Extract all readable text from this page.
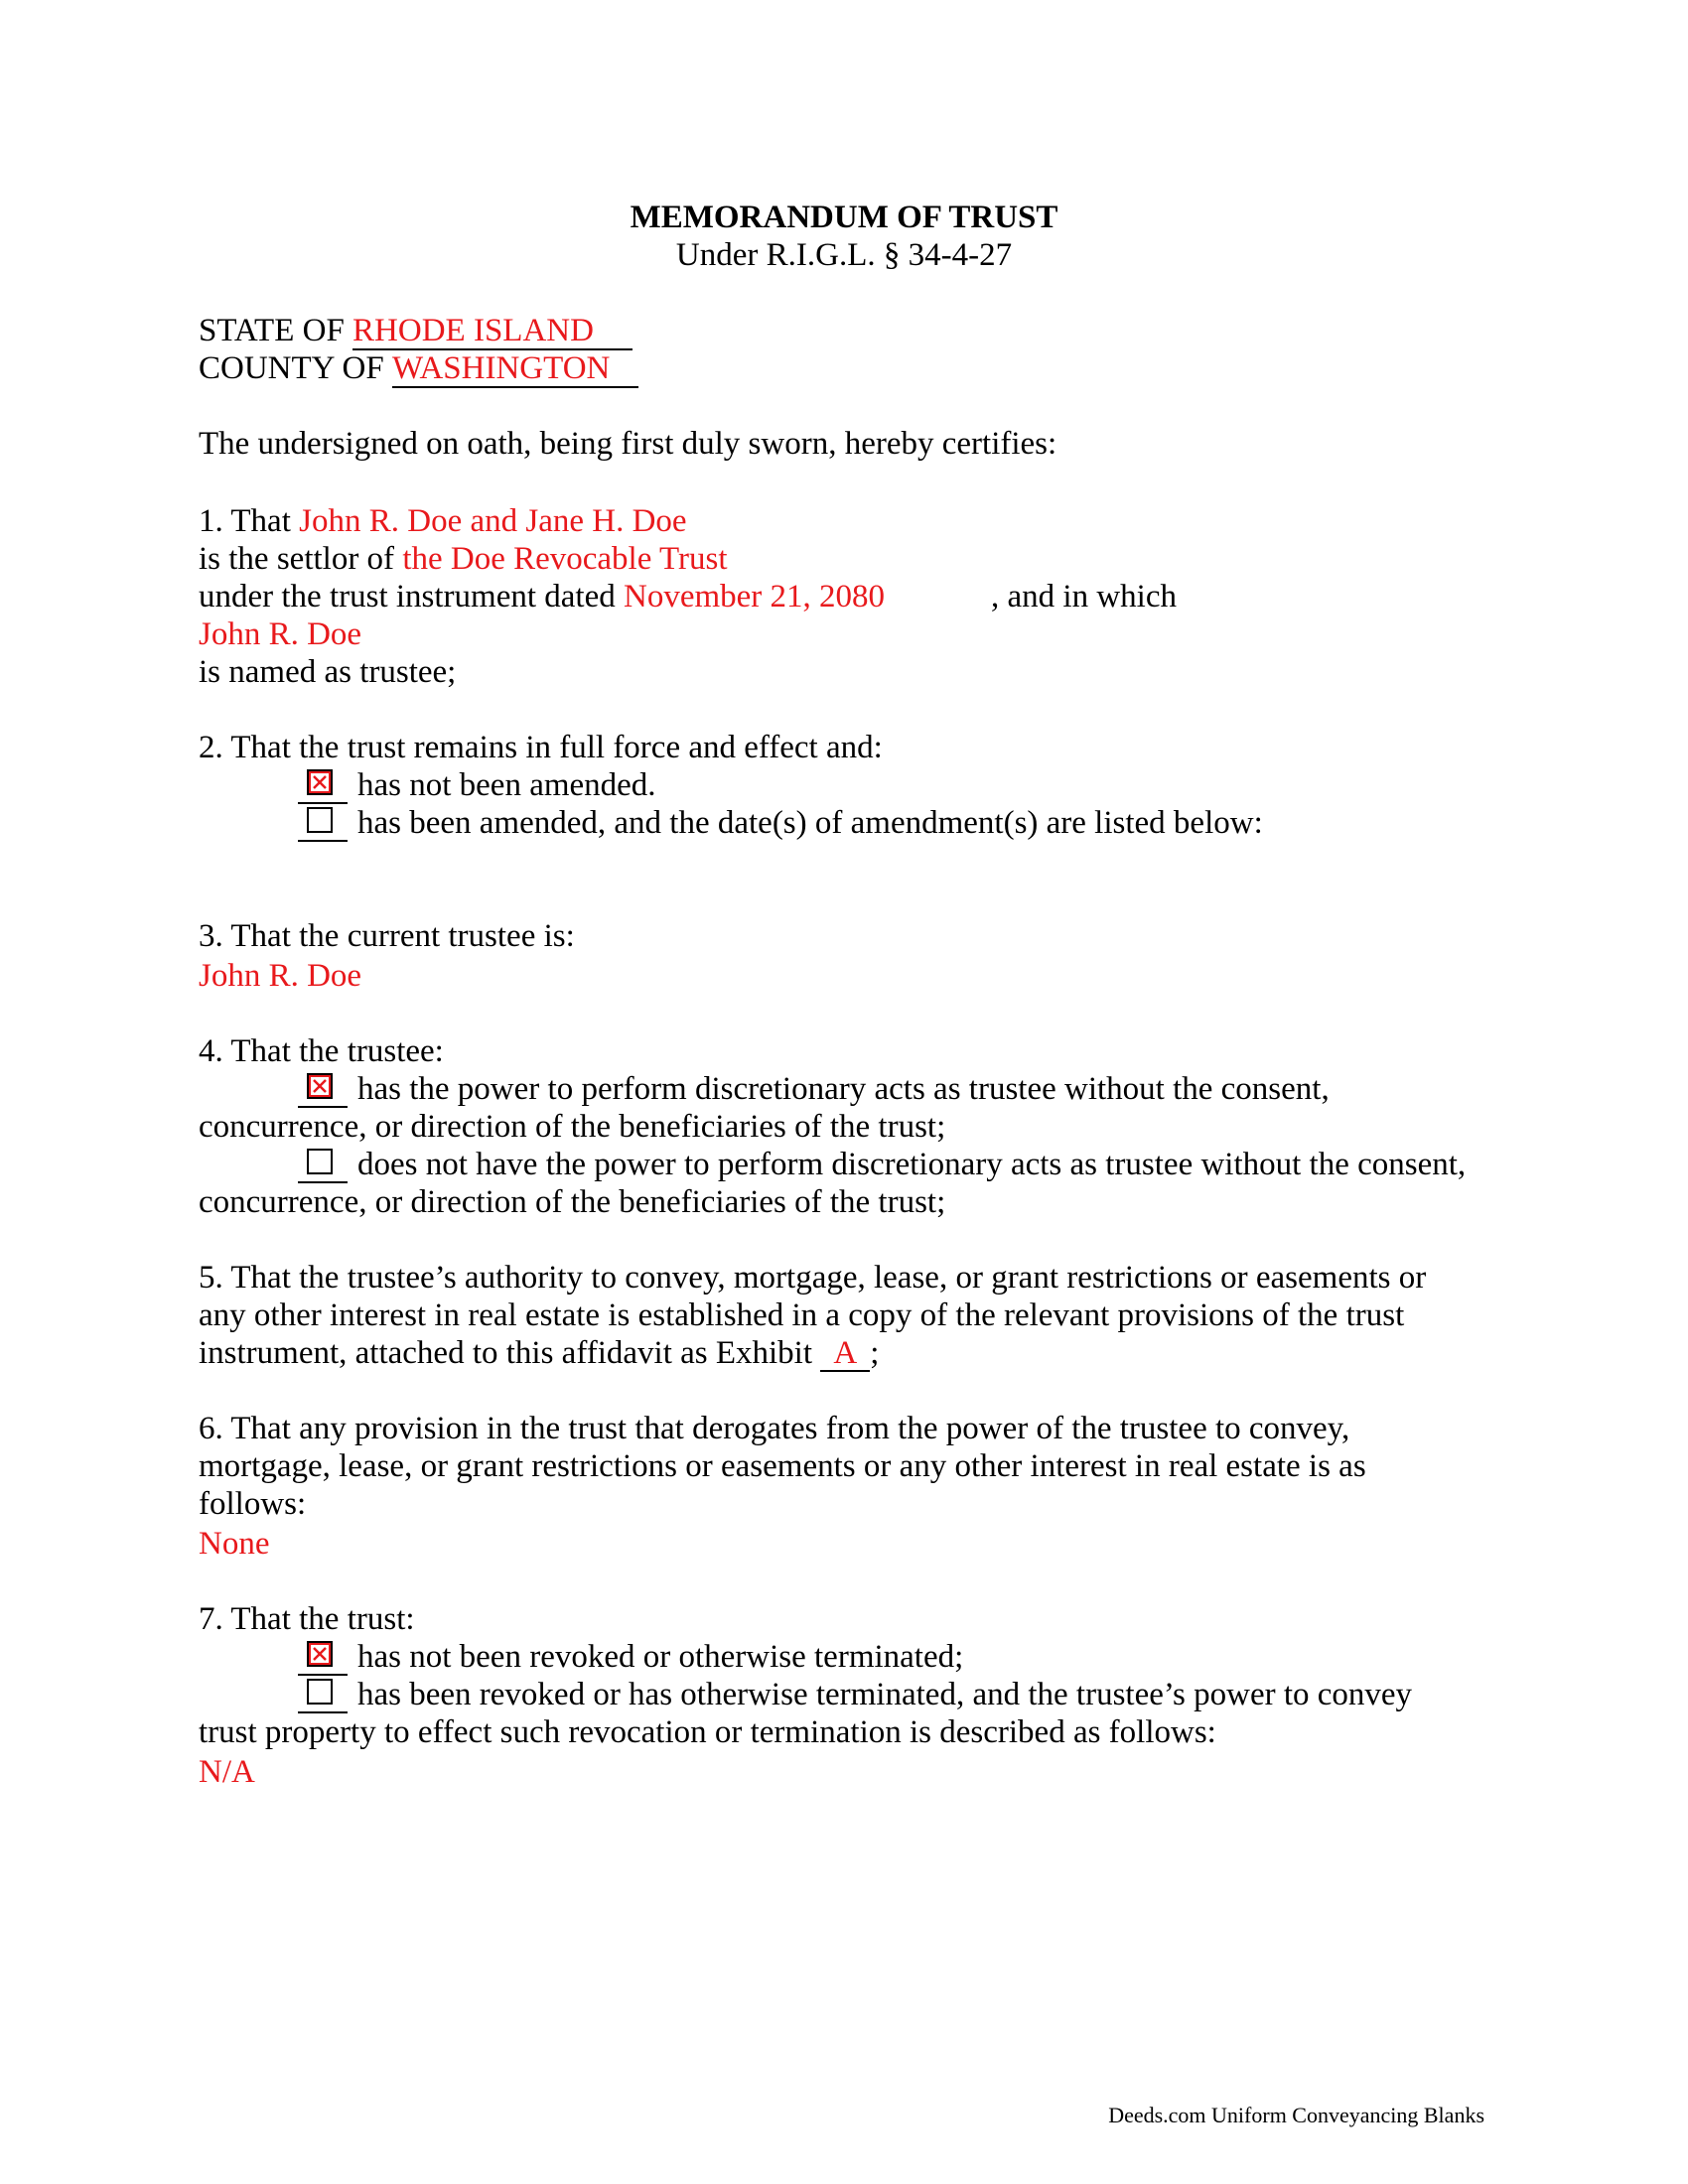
MEMORANDUM OF TRUST
Under R.I.G.L. § 34-4-27
STATE OF RHODE ISLAND
COUNTY OF WASHINGTON
The undersigned on oath, being first duly sworn, hereby certifies:
1. That John R. Doe and Jane H. Doe
is the settlor of the Doe Revocable Trust
under the trust instrument dated November 21, 2080	, and in which
John R. Doe
is named as trustee;
2. That the trust remains in full force and effect and:
has not been amended.
has been amended, and the date(s) of amendment(s) are listed below:
3. That the current trustee is:
John R. Doe
4. That the trustee:
has the power to perform discretionary acts as trustee without the consent,
concurrence, or direction of the beneficiaries of the trust;
does not have the power to perform discretionary acts as trustee without the consent,
concurrence, or direction of the beneficiaries of the trust;
5. That the trustee’s authority to convey, mortgage, lease, or grant restrictions or easements or
any other interest in real estate is established in a copy of the relevant provisions of the trust
instrument, attached to this affidavit as Exhibit A ;
6. That any provision in the trust that derogates from the power of the trustee to convey,
mortgage, lease, or grant restrictions or easements or any other interest in real estate is as
follows:
None
7. That the trust:
has not been revoked or otherwise terminated;
has been revoked or has otherwise terminated, and the trustee’s power to convey
trust property to effect such revocation or termination is described as follows:
N/A
Deeds.com Uniform Conveyancing Blanks
